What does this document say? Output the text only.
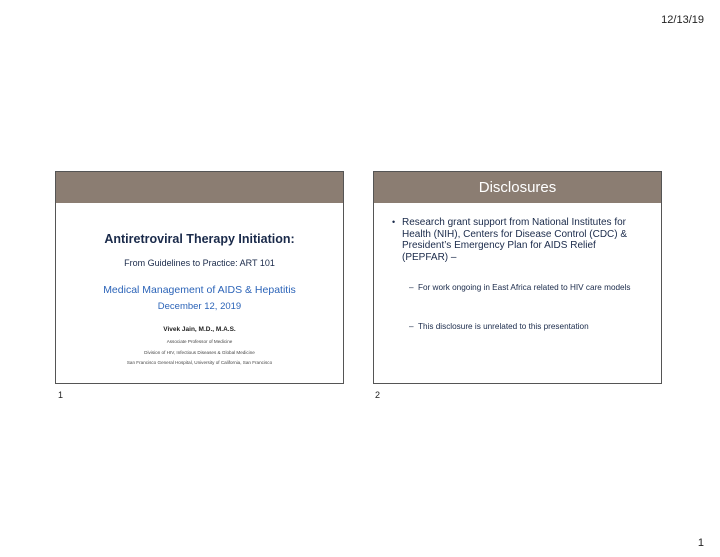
12/13/19
Antiretroviral Therapy Initiation:
From Guidelines to Practice: ART 101
Medical Management of AIDS & Hepatitis
December 12, 2019
Vivek Jain, M.D., M.A.S.
Associate Professor of Medicine
Division of HIV, Infectious Diseases & Global Medicine
San Francisco General Hospital, University of California, San Francisco
1
Disclosures
• Research grant support from National Institutes for Health (NIH), Centers for Disease Control (CDC) & President’s Emergency Plan for AIDS Relief (PEPFAR) –
– For work ongoing in East Africa related to HIV care models
– This disclosure is unrelated to this presentation
2
1
